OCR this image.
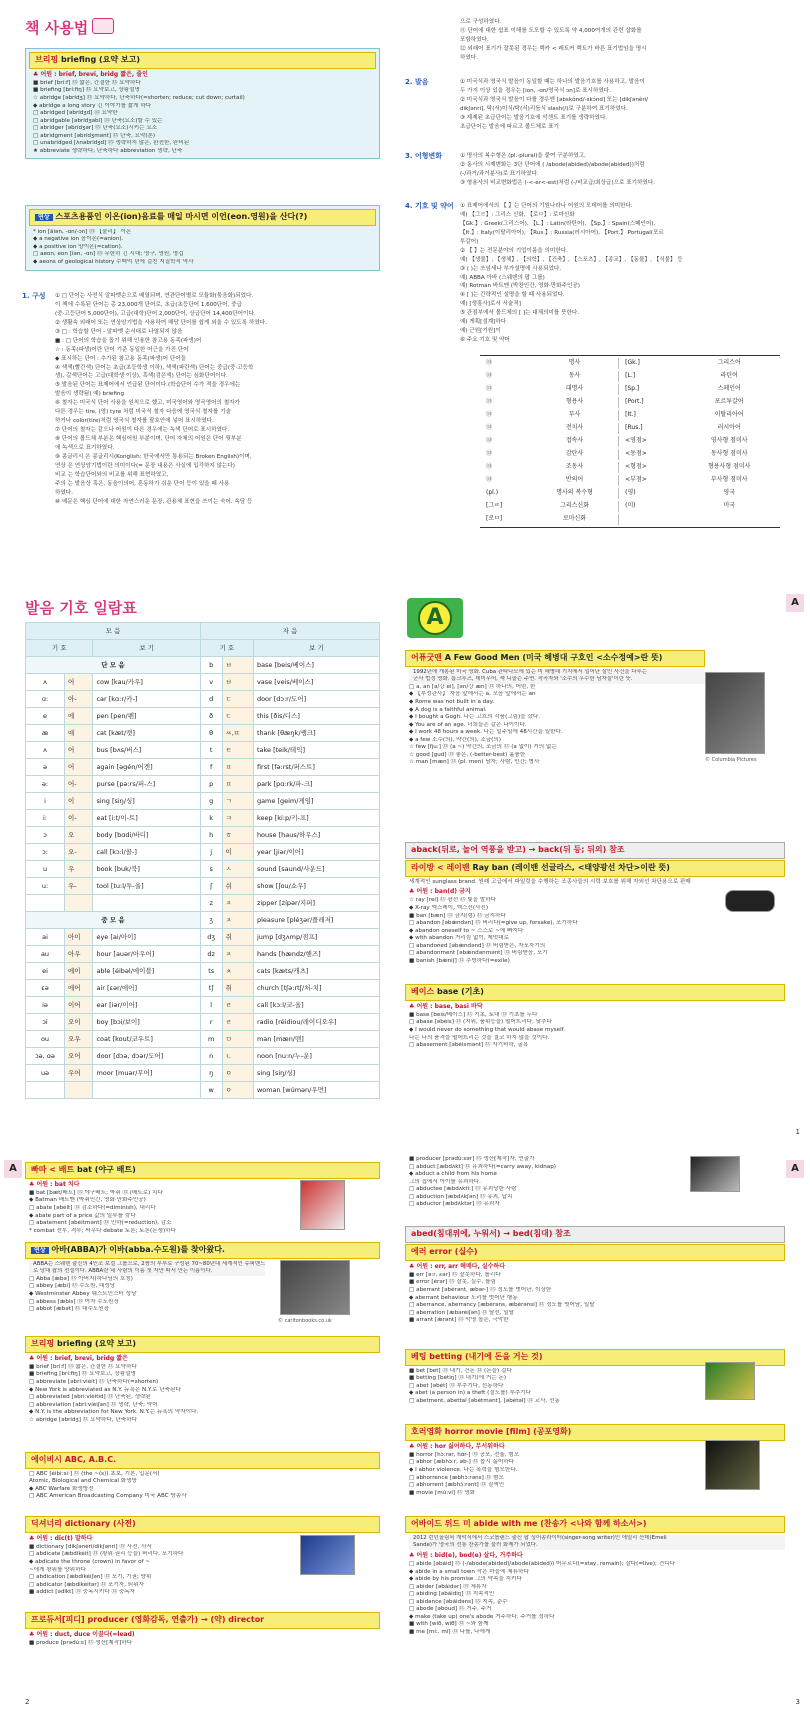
책 사용법
브리핑 briefing (요약 보고)
♣ 어원 : brief, brevi, bridg 짧은, 줄인
■ brief [bri:f] ⑬ 짧은, 간결한 ⑬ 요약하다
■ briefing [brí:fiŋ] ⑬ 요약보고, 상황설명
☆ abridge [əbrídʒ] ⑬ 요약하다, 단축하다(=shorten; reduce; cut down; curtail)
◆ abridge a long story 긴 이야기를 짧게 하다
□ abridged [əbrídʒd] ⑬ 요약한
□ abridgable [əbrídʒəbl] ⑬ 단축(요소)할 수 있는
□ abridger [əbrídʒər] ⑬ 단축(요소)시키는 요소
□ abridgment [əbrídʒmənt] ⑬ 단축, 요약(본)
□ unabridged [ʌ̀nəbrídʒd] ⑬ 생략하지 않은, 완전한, 완비된
★ abbreviate 생략하다, 단축하다 abbreviation 생략, 단축
연상 스포츠용품인 이온(ion)음료를 매일 마시면 이언(eon.영원)을 산다(?)
* ion [áiən, -ɑn/-ɔn] ⑬ 【물리】 이온
◆ a negative ion 음이온(=anion).
◆ a positive ion 양이온(=cation).
□ aeon, eon [íən, -ɑn] ⑬ 무한히 긴 시대; 영구, 영원, 영겁
◆ aeons of geological history 수백억 년에 걸친 지질학적 역사
1. 구성 ① □ 단어는 사전식 알파벳순으로 배열되며, 연관단어별로 모듈화(묶음화)되었다.
이 책에 수록된 단어는 총 23,000개 단어로, 초급(초등단어 1,600단어, 중급
(중·고등단어 5,000단어), 고급(대학)단어 2,000단어, 상급단어 14,400단어이다.
② 생활속 외래어 또는 연상암기법을 사용하여 해당 단어를 쉽게 외울 수 있도록 하였다.
③ □ : 학습할 단어 - 알파벳 순서대로 나열되지 않음
■ : □ 단어의 학습을 돕기 위해 인용한 참고용 동족(파생)어
☆ : 동족(파생)어란 단어 기준 동일한 어근을 가진 단어
◆ 표시하는 단어 : 추가된 참고용 동족(파생)어 단어들
④ 색색(빨간색) 단어는 초급(초등학생 이하), 색색(파란색) 단어는 중급(중·고등학
생), 갈색단어는 고급(대학생 이상), 흑색(검은색) 단어는 심화단어이다.
⑤ 발음된 단어는 표제어에서 언급된 단어이다.(학습단어 수가 적을 경우에는
발음이 생략됨) 예) briefing
⑥ 철자는 미국식 단어 사용을 원칙으로 했고, 미국영어와 영국영어의 철자가
다른 경우는 tire, (영) tyre 처럼 미국식 철자 다음에 영국식 철자를 기술
하거나 color(tire)처럼 영국식 철자를 괄호안에 넣어 표시하였다.
⑦ 단어의 철자는 같으나 어원이 다른 경우에는 녹색 단어로 표시하였다.
⑧ 단어의 볼드체 부분은 핵심어원 부분이며, 단어 자체의 어원은 단어 뒷부분
에 녹색으로 표기하였다.
⑨ 콩글리시 은 콩글리시(Konglish: 한국에서만 통용되는 Broken English)이며,
연상 은 연상암기법이란 의미이다(= 문장 내용은 사실에 입각하지 않는다)
비교 는 학습단어와의 비교를 위해 표현하였고,
주의 는 발음상 혹은, 동음이의어, 혼동하기 쉬운 단어 등이 있을 때 사용
하였다.
⑩ 예문은 핵심 단어에 대한 자연스러운 문장, 관용체 표현을 쓰이는 숙어. 속담 등
으로 구성하였다.
⑪ 단어에 대한 쉼표 이해를 도모할 수 있도록 약 4,000여개의 관련 삽화를
포함하였다.
⑫ 외래어 표기가 잘못된 경우는 렉카 < 레트커 렉트가 바른 표기법임을 명시
하였다.
2. 발음	① 미국식과 영국식 발음이 동일할 때는 하나의 발음기호를 사용하고, 발음이
두 가지 이상 있을 경우는 [ion, -ɑn/영국식 ɔn]로 표시하였다.
② 미국식과 영국식 발음이 다를 경우엔 [əbskɑ́nd/-skɔ́nd] 또는 [dikʃənèri/
dikʃənri], 탁(서)미식/탁(서)리듬식 slash(/)로 구분하여 표기하였다.
③ 제제된 초급단어는 발음기호에 악센트 표기를 생략하였다.
초급단어는 발음에 따르고 볼드체로 표기
3. 어형변화	① 명사의 복수형은 (pl.-plural)을 붙여 구분하였고,
② 동사의 시제변화는 3단 단어에 ( /abode(abided)/abode(abided))처럼
(-/과거/과거분사)로 표기하였다.
③ 형용사의 비교변화법은 (-<-er<-est)처럼 (-/비교급/최상급)으로 표기하였다.
4. 기호 및 약어 ① 표제어에서의 【 】는 단어의 기원나라나 어원의 모데어를 의미한다.
예) 【그ㄹ】: 그리스 신화, 【로ㅁ】: 로마신화
【Gk.】: Greek(그리스어), 【L.】: Latin(라틴어), 【Sp.】: Spain(스페인어),
【It.】: Italy(이탈리아어), 【Rus.】: Russia(러시아어), 【Port.】 Portugal(포르
투갈어)
② 【 】는 전문분야의 기업이름을 의미한다.
예) 【생물】, 【생체】, 【의학】, 【건축】, 【스포츠】, 【종교】, 【동물】, 【식물】 등
③ ( )는 쓰임새나 부가설명에 사용되었다.
예) ABBA 아바 (스웨덴의 팝 그룹)
예) Rotman 바트맨 (박찬인간, 영화·만화주인공)
④ [ ]는 간략적인 설명을 할 때 사용되었다.
예) [생흥사]로서 서술적]
⑤ 관점부에서 볼드체의 [ ]는 대체의미를 뜻한다.
예) 게획[설계]하다
예) 근원[기원]이
⑥ 주요 기호 및 약어
⑬	명사	[Gk.]	그리스어
⑬	동사	[L.]	라틴어
⑬	대명사	[Sp.]	스페인어
⑬	형용사	[Port.]	포르투갈어
⑬	부사	[It.]	이탈리아어
⑬	전치사	[Rus.]	러시아어
⑬	접속사	<영점>	영사형 점미사
⑬	감탄사	<동점>	동사형 점미사
⑬	조동사	<형점>	형용사형 점미사
⑬	반의어	<부점>	부사형 점미사
(pl.)	명사의 복수형	(영)	영국
[그ㄹ]	그리스신화	(미)	미국
[로ㅁ]	로마신화		
발음 기호 일람표
모 음			자 음		
기 호		보 기	기 호		보 기
단 모 음			b	ㅂ	base [beis/베이스]
ʌ	어	cow [kau/카우]	v	ㅂ	vase [veis/베이스]
ɑ:	아-	car [kɑ:r/카-]	d	ㄷ	door [dɔ:r/도어]
e	에	pen [pen/펜]	ð	ㄷ	this [ðis/디스]
æ	애	cat [kæt/캣]	θ	ㅆ,ㄸ	thank [θæŋk/쌩크]
ʌ	어	bus [bʌs/버스]	t	ㅌ	take [teik/테익]
ə	어	again [əgén/어겐]	f	ㅍ	first [fə:rst/퍼스트]
ə:	어-	purse [pə:rs/퍼-스]	p	ㅍ	park [pɑ:rk/파-크]
i	이	sing [siŋ/싱]	g	ㄱ	game [geim/게임]
i:	이-	eat [i:t/이-트]	k	ㅋ	keep [ki:p/키-프]
ɔ	오	body [bɑdi/바디]	h	ㅎ	house [haus/하우스]
ɔ:	오-	call [kɔ:l/콜-]	j	이	year [jiər/이어]
u	우	book [buk/북]	s	ㅅ	sound [saund/사운드]
u:	우-	tool [tu:l/투-울]	ʃ	쉬	show [ʃou/쇼우]
			z	ㅈ	zipper [zípər/지퍼]
중 모 음			ʒ	ㅈ	pleasure [pléʒər/플레저]
ai	아이	eye [ai/아이]	dʒ	쥐	jump [dʒʌmp/점프]
au	아우	hour [auər/아우어]	dz	ㅈ	hands [hændz/핸즈]
ei	에이	able [éibəl/에이블]	ts	ㅊ	cats [kæts/캐츠]
εə	에어	air [εər/에어]	tʃ	취	church [tʃə:rtʃ/처-치]
iə	이어	ear [iər/이어]	l	ㄹ	call [kɔ:l/코-올]
ɔi	오이	boy [bɔi/보이]	r	ㄹ	radio [réidiou/레이디오우]
ou	오우	coat [kout/코우트]	m	ㅁ	man [mæn/맨]
ɔə, ɑə	오어	door [dɔə, dɔər/도어]	n	ㄴ	noon [nu:n/누-운]
uə	우어	moor [muər/무어]	ŋ	ㅇ	sing [siŋ/싱]
			w	ㅇ	woman [wúmən/우먼]
A
A
어퓨굿맨 A Few Good Men (미국 해병대 구호인 <소수정예>란 뜻)
1992년에 개봉된 미국 영화. Cuba 관타나모에 있는 미 해병대 기지에서 일어난 살인 사건을 다루는
군사 법정 영화. 톰크루즈, 데미무어, 잭 니콜슨 주연. 작곡자와 '소수의 우수한 남자들'이란 뜻.
□ a, an [ə/강 ei], [ən/강 æn] ⑬ 하나의, 어떤, 한
◆ 【부정관사】 자음 앞에서는 a, 모음 앞에서는 an
◆ Rome was not built in a day.
◆ A dog is a faithful animal.
◆ I bought a Gogh. 나는 고흐의 작품(그림)을 샀다.
◆ You are of an age. 너희들은 같은 나이이다.
◆ I work 48 hours a week. 나는 일주일에 48시간을 일한다.
◆ a few 소수(의), 약간(의), 조금(의)
☆ few [fju:] ⑬ (a ~) 약간의, 조금의 ⑬ (a 없이) 거의 없는
☆ good [gud] ⑬ 좋은, (-better-best) 훌륭한
☆ man [mæn] ⑬ (pl. men) 남자; 사람, 인간; 병사	© Columbia Pictures
aback(뒤로, 놀어 역풍을 받고) → back(뒤 등; 뒤의) 참조
라이방 < 레이밴 Ray ban (레이밴 선글라스, <태양광선 차단>이란 뜻)
세계적인 sunglass brand. 원래 고급에서 파일럿을 수행하는 조종사들의 시력 보호를 위해 자외선 차단용으로 판매
♣ 어원 : ban(d) 금지
☆ ray [rei] ⑬ 광선 ⑬ 빛을 발하다
◆ X-ray 엑스레이, 엑스선(사진)
■ ban [bæn] ⑬ 금지(령) ⑬ 금지하다
□ abandon [əbǽndən] ⑬ 버리다(=give up, forsake), 포기하다
◆ abandon oneself to ~ 스스로 ~에 빠지다
◆ with abandon 거리낌 없이, 제멋대로
□ abandoned [əbǽndənd] ⑬ 버림받은, 자포자기의
□ abandonment [əbǽndənmənt] ⑬ 버림받음, 포기
■ banish [bǽniʃ] ⑬ 추방하다(=exile)
베이스 base (기초)
♣ 어원 : base, basi 바닥
■ base [beis/베이스] ⑬ 기초, 토대 ⑬ 기초를 두다
□ abase [əbéis] ⑬ (지위, 품위등을) 떨어뜨리다, 낮추다
◆ I would never do something that would abase myself.
나는 나의 품격을 떨어뜨리는 것을 결코 하지 않을 것이다.
□ abasement [əbéismənt] ⑬ 자기비하, 굴욕
1
A	빠따 < 배트 bat (야구 배트)
♣ 어원 : bat 치다
■ bat [bæt/배트] ⑬ 야구배트; 박쥐 ⑬ (배트로) 치다
◆ Batman 배트맨 (박쥐인간, 영화·만화주인공)
□ abate [əbéit] ⑬ 감소하다(=diminish), 내리다
◆ abate part of a price 값의 일부를 깎다
□ abatement [əbéitmənt] ⑬ 인하(=reduction), 감소
* combat 전투, 격투; 싸우다 debate 토론; 토론(논쟁)하다
연상 아바(ABBA)가 이바(abba.수도원)를 찾아왔다.
ABBA는 스웨덴 출신의 4인조 보컬 그룹으로, 2쌍의 부부로 구성된 70~80년대 세계적인 슈퍼밴드
로 당대 팝의 전설이다. ABBA란 네 사람의 이름 첫 자만 따서 만든 이름이다.
□ Abba [ǽbə] ⑬ 아버지(하나님의 호칭)
□ abbey [ǽbi] ⑬ 수도원, 대성당
◆ Westminster Abbey 웨스트민스터 성당
□ abbess [ǽbis] ⑬ 여자 수도원장
□ abbot [ǽbət] ⑬ 대수도원장
© carltonbooks.co.uk
브리핑 briefing (요약 보고)
♣ 어원 : brief, brevi, bridg 짧은
■ brief [bri:f] ⑬ 짧은, 간결한 ⑬ 요약하다
■ briefing [brí:fiŋ] ⑬ 요약보고, 상황설명
□ abbreviate [əbrí:vièit] ⑬ 단축하다(=shorten)
◆ New York is abbreviated as N.Y. 뉴욕은 N.Y.로 단축된다
□ abbreviated [əbrí:vièitid] ⑬ 단축된, 생략된
□ abbreviation [əbri:viéiʃən] ⑬ 생략, 단축; 약어
◆ N.Y. is the abbreviation for New York. N.Y.는 뉴욕의 약자이다.
☆ abridge [əbrídʒ] ⑬ 요약하다, 단축하다
에이비시 ABC, A.B.C.
□ ABC [èibi:sí:] ⑬ (the ~(s)) 초보, 기본, 입문(서)
Atomic, Biological and Chemical 화생방
◆ ABC Warfare 화생방전
□ ABC American Broadcasting Company 미국 ABC 방송사
딕셔너리 dictionary (사전)
♣ 어원 : dic(t) 말하다
■ dictionary [dikʃənèri/dikʃənri] ⑬ 사전, 사서
□ abdicate [ǽbdikèit] ⑬ (왕위·권리 등을) 버리다, 포기하다
◆ abdicate the throne (crown) in favor of ~
~에게 왕위를 양위하다
□ abdication [æ̀bdikéiʃən] ⑬ 포기, 기권; 양위
□ abdicator [ǽbdikèitər] ⑬ 포기자, 퇴위자
■ addict [ədíkt] ⑬ 중독시키다 ⑬ 중독자
프로듀서[피디] producer (영화감독, 연출가) → (약) director
♣ 어원 : duct, duce 이끌다(=lead)
■ produce [prədú:s] ⑬ 생산[제작]하다
2
A
■ producer [prədú:sər] ⑬ 생산[제작]자, 연출가
□ abduct [æbdʌ́kt] ⑬ 유괴하다(=carry away, kidnap)
◆ abduct a child from his home
그의 집에서 아이를 유괴하다.
□ abductee [æ̀bdʌktí:] ⑬ 유괴당한 사람
□ abduction [æbdʌ́kʃən] ⑬ 유괴, 납치
□ abductor [æbdʌ́ktər] ⑬ 유괴자
abed(침대위에, 누워서) → bed(침대) 참조
에러 error (실수)
♣ 어원 : err, arr 헤매다, 실수하다
■ err [ə:r, ɛər] ⑬ 잘못하다, 틀리다
■ error [érər] ⑬ 잘못, 실수, 틀림
□ aberrant [əbérənt, æbər-] ⑬ 정도를 벗어난, 이상한
◆ aberrant behaviour 도리를 벗어난 행동
□ aberrance, aberrancy [æbérəns, æbérənsi] ⑬ 정도를 벗어남, 일탈
□ aberration [æ̀bəréiʃən] ⑬ 탈선, 일탈
■ arrant [ǽrənt] ⑬ 악명 높은, 극악한
베팅 betting (내기에 돈을 거는 것)
■ bet [bet] ⑬ 내기, 건돈 ⑬ (돈을) 걸다
■ betting [bétiŋ] ⑬ 내기(에 거는 돈)
□ abet [əbét] ⑬ 부추기다, 선동하다
◆ abet (a person in) a theft (절도를) 부추기다
□ abetment, abettal [əbétmənt], [əbétəl] ⑬ 교사, 선동
호러영화 horror movie [film] (공포영화)
♣ 어원 : hor 싫어하다, 무서워하다
■ horror [hɔ́:rər, hɑ́r-] ⑬ 공포, 전율, 혐오
□ abhor [æbhɔ́:r, əb-] ⑬ 몹시 싫어하다
◆ I abhor violence. 나는 폭력을 혐오한다.
□ abhorrence [æbhɔ́:rəns] ⑬ 혐오
□ abhorrent [æbhɔ́:rənt] ⑬ 질색인
■ movie [mú:vi] ⑬ 영화
어바이드 위드 미 abide with me (찬송가 <나와 함께 하소서>)
2012 런던올림픽 개막식에서 스코틀랜드 출신 팝 싱어송라이터(singer-song writer)인 에밀리 산데(Emeli
Sande)가 영국의 전통 찬송가를 불러 화제가 되었다.
♣ 어원 : bid(e), bod(e) 살다, 거주하다
□ abide [əbáid] ⑬ (-/abode(abided)/abode(abided)) 머무르다(=stay, remain); 살다(=live); 견디다
◆ abide in a small town 작은 마을에 체류하다
◆ abide by his promise 그의 약속을 지키다
□ abider [əbáidər] ⑬ 체류자
□ abiding [əbáidiŋ] ⑬ 지속적인
□ abidance [əbáidəns] ⑬ 지속, 준수
□ abode [əbóud] ⑬ 거주, 주거
◆ make (take up) one's abode 거주하다, 주거를 정하다
■ with [wið, wiθ] ⑬ ~와 함께
■ me [mi:, mi] ⑬ 나를, 나에게
3
